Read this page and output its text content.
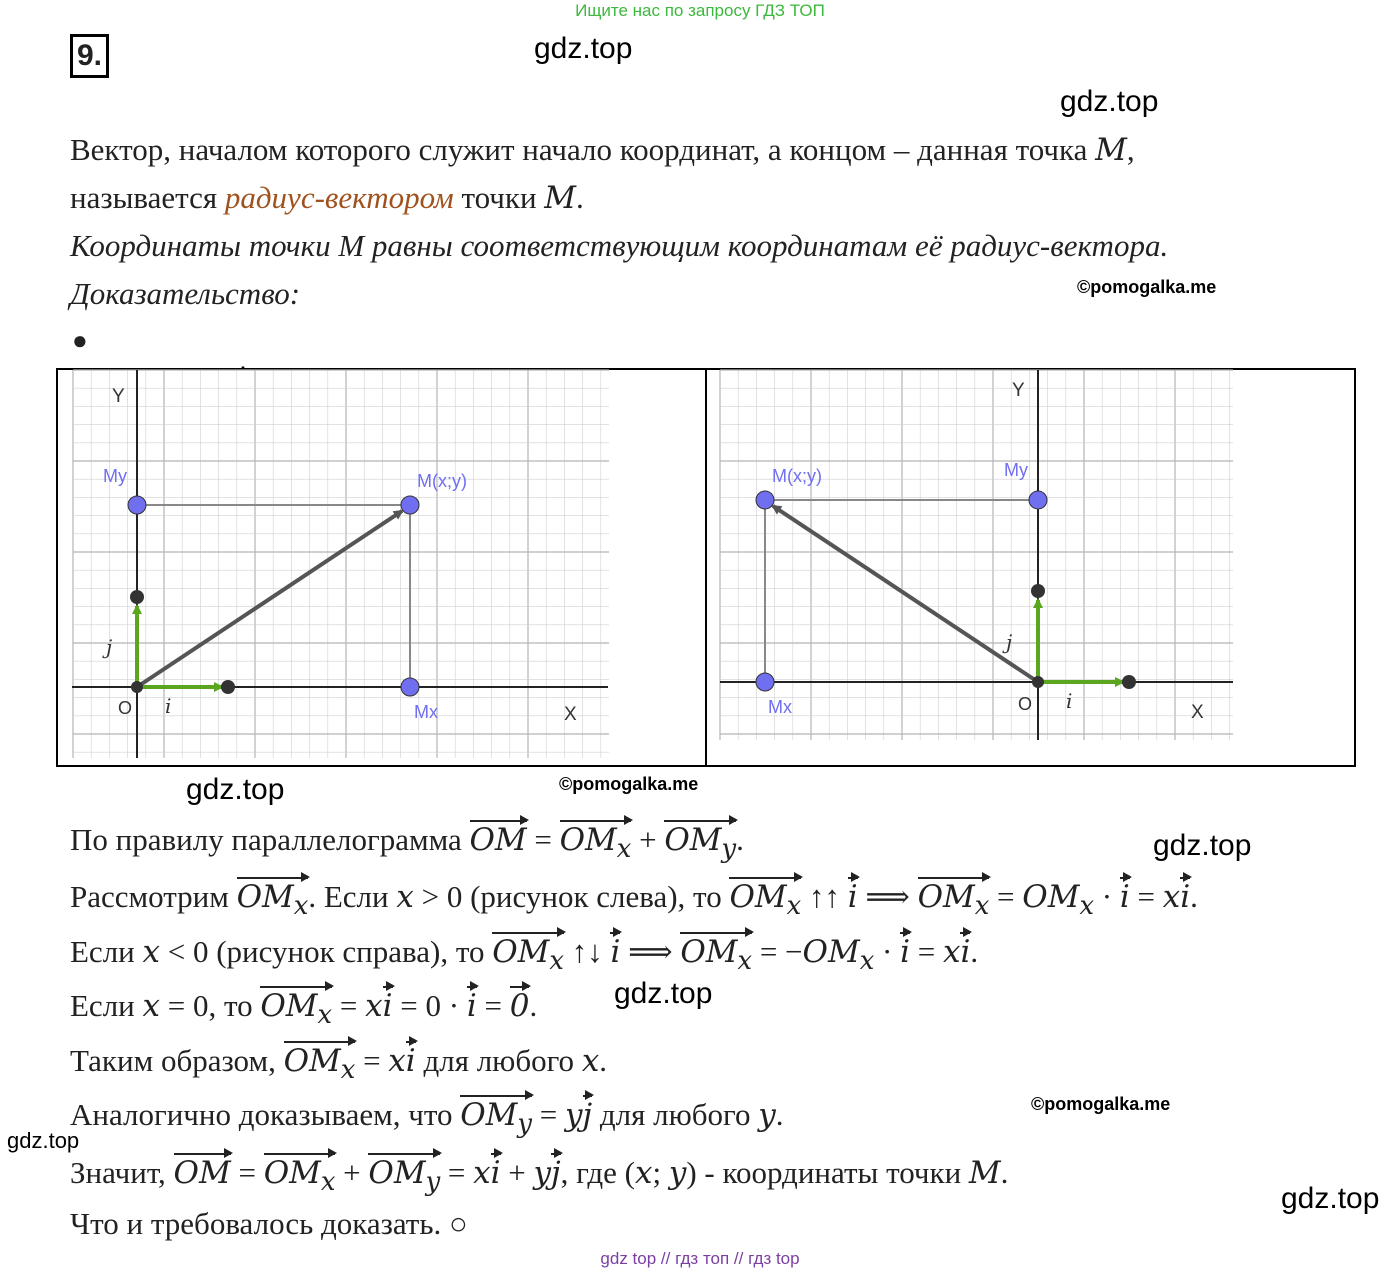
Ищите нас по запросу ГДЗ ТОП
9.	gdz.top
gdz.top
gdz.top
gdz.top
gdz.top
gdz.top
gdz.top
©pomogalka.me
©pomogalka.me
©pomogalka.me
Вектор, началом которого служит начало координат, а концом – данная точка M,
называется радиус-вектором точки M.
Координаты точки М равны соответствующим координатам её радиус-вектора.
Доказательство:
●
Y
X
O
M(x;y)
My
Mx
i
j
Y
X
O
M(x;y)	My
Mx	i
j
По правилу параллелограмма OM = $OM_x + OM_y$.
Рассмотрим $OM_x$. Если x > 0 (рисунок слева), то $OM_x$ ↑↑ i ⟹ $OM_x = OM_x \cdot i$ = xi.
Если x < 0 (рисунок справа), то $OM_x$ ↑↓ i ⟹ $OM_x = -OM_x \cdot i$ = xi.
Если x = 0, то $OM_x$ = xi = 0 · i = 0.
Таким образом, $OM_x$ = xi для любого x.
Аналогично доказываем, что $OM_y$ = yj для любого y.
Значит, OM = $OM_x + OM_y$ = xi + yj, где (x; y) - координаты точки M.
Что и требовалось доказать. ○
gdz top // гдз топ // гдз top
